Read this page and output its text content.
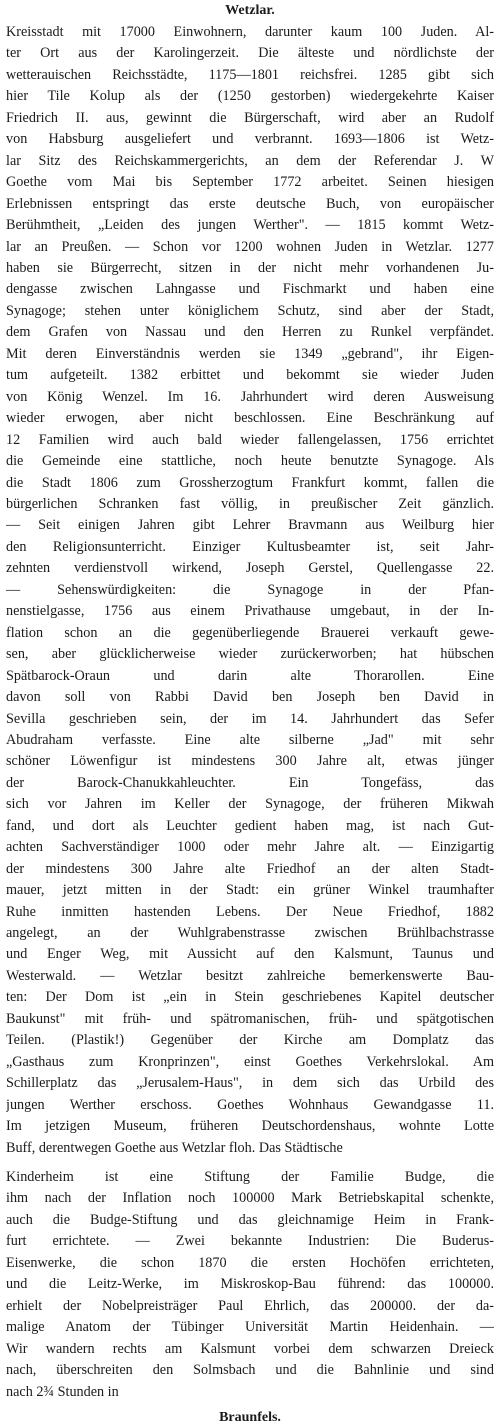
Wetzlar.
Kreisstadt mit 17000 Einwohnern, darunter kaum 100 Juden. Al-
ter Ort aus der Karolingerzeit. Die älteste und nördlichste der
wetterauischen Reichsstädte, 1175—1801 reichsfrei. 1285 gibt sich
hier Tile Kolup als der (1250 gestorben) wiedergekehrte Kaiser
Friedrich II. aus, gewinnt die Bürgerschaft, wird aber an Rudolf
von Habsburg ausgeliefert und verbrannt. 1693—1806 ist Wetz-
lar Sitz des Reichskammergerichts, an dem der Referendar J. W
Goethe vom Mai bis September 1772 arbeitet. Seinen hiesigen
Erlebnissen entspringt das erste deutsche Buch, von europäischer
Berühmtheit, „Leiden des jungen Werther". — 1815 kommt Wetz-
lar an Preußen. — Schon vor 1200 wohnen Juden in Wetzlar. 1277
haben sie Bürgerrecht, sitzen in der nicht mehr vorhandenen Ju-
dengasse zwischen Lahngasse und Fischmarkt und haben eine
Synagoge; stehen unter königlichem Schutz, sind aber der Stadt,
dem Grafen von Nassau und den Herren zu Runkel verpfändet.
Mit deren Einverständnis werden sie 1349 „gebrand", ihr Eigen-
tum aufgeteilt. 1382 erbittet und bekommt sie wieder Juden
von König Wenzel. Im 16. Jahrhundert wird deren Ausweisung
wieder erwogen, aber nicht beschlossen. Eine Beschränkung auf
12 Familien wird auch bald wieder fallengelassen, 1756 errichtet
die Gemeinde eine stattliche, noch heute benutzte Synagoge. Als
die Stadt 1806 zum Grossherzogtum Frankfurt kommt, fallen die
bürgerlichen Schranken fast völlig, in preußischer Zeit gänzlich.
— Seit einigen Jahren gibt Lehrer Bravmann aus Weilburg hier
den Religionsunterricht. Einziger Kultusbeamter ist, seit Jahr-
zehnten verdienstvoll wirkend, Joseph Gerstel, Quellengasse 22.
— Sehenswürdigkeiten: die Synagoge in der Pfan-
nenstielgasse, 1756 aus einem Privathause umgebaut, in der In-
flation schon an die gegenüberliegende Brauerei verkauft gewe-
sen, aber glücklicherweise wieder zurückerworben; hat hübschen
Spätbarock-Oraun und darin alte Thorarollen. Eine
davon soll von Rabbi David ben Joseph ben David in
Sevilla geschrieben sein, der im 14. Jahrhundert das Sefer
Abudraham verfasste. Eine alte silberne „Jad" mit sehr
schöner Löwenfigur ist mindestens 300 Jahre alt, etwas jünger
der Barock-Chanukkahleuchter. Ein Tongefäss, das
sich vor Jahren im Keller der Synagoge, der früheren Mikwah
fand, und dort als Leuchter gedient haben mag, ist nach Gut-
achten Sachverständiger 1000 oder mehr Jahre alt. — Einzigartig
der mindestens 300 Jahre alte Friedhof an der alten Stadt-
mauer, jetzt mitten in der Stadt: ein grüner Winkel traumhafter
Ruhe inmitten hastenden Lebens. Der Neue Friedhof, 1882
angelegt, an der Wuhlgrabenstrasse zwischen Brühlbachstrasse
und Enger Weg, mit Aussicht auf den Kalsmunt, Taunus und
Westerwald. — Wetzlar besitzt zahlreiche bemerkenswerte Bau-
ten: Der Dom ist „ein in Stein geschriebenes Kapitel deutscher
Baukunst" mit früh- und spätromanischen, früh- und spätgotischen
Teilen. (Plastik!) Gegenüber der Kirche am Domplatz das
„Gasthaus zum Kronprinzen", einst Goethes Verkehrslokal. Am
Schillerplatz das „Jerusalem-Haus", in dem sich das Urbild des
jungen Werther erschoss. Goethes Wohnhaus Gewandgasse 11.
Im jetzigen Museum, früheren Deutschordenshaus, wohnte Lotte
Buff, derentwegen Goethe aus Wetzlar floh. Das Städtische
Kinderheim ist eine Stiftung der Familie Budge, die
ihm nach der Inflation noch 100000 Mark Betriebskapital schenkte,
auch die Budge-Stiftung und das gleichnamige Heim in Frank-
furt errichtete. — Zwei bekannte Industrien: Die Buderus-
Eisenwerke, die schon 1870 die ersten Hochöfen errichteten,
und die Leitz-Werke, im Miskroskop-Bau führend: das 100000.
erhielt der Nobelpreisträger Paul Ehrlich, das 200000. der da-
malige Anatom der Tübinger Universität Martin Heidenhain. —
Wir wandern rechts am Kalsmunt vorbei dem schwarzen Dreieck
nach, überschreiten den Solmsbach und die Bahnlinie und sind
nach 2¾ Stunden in
Braunfels.
